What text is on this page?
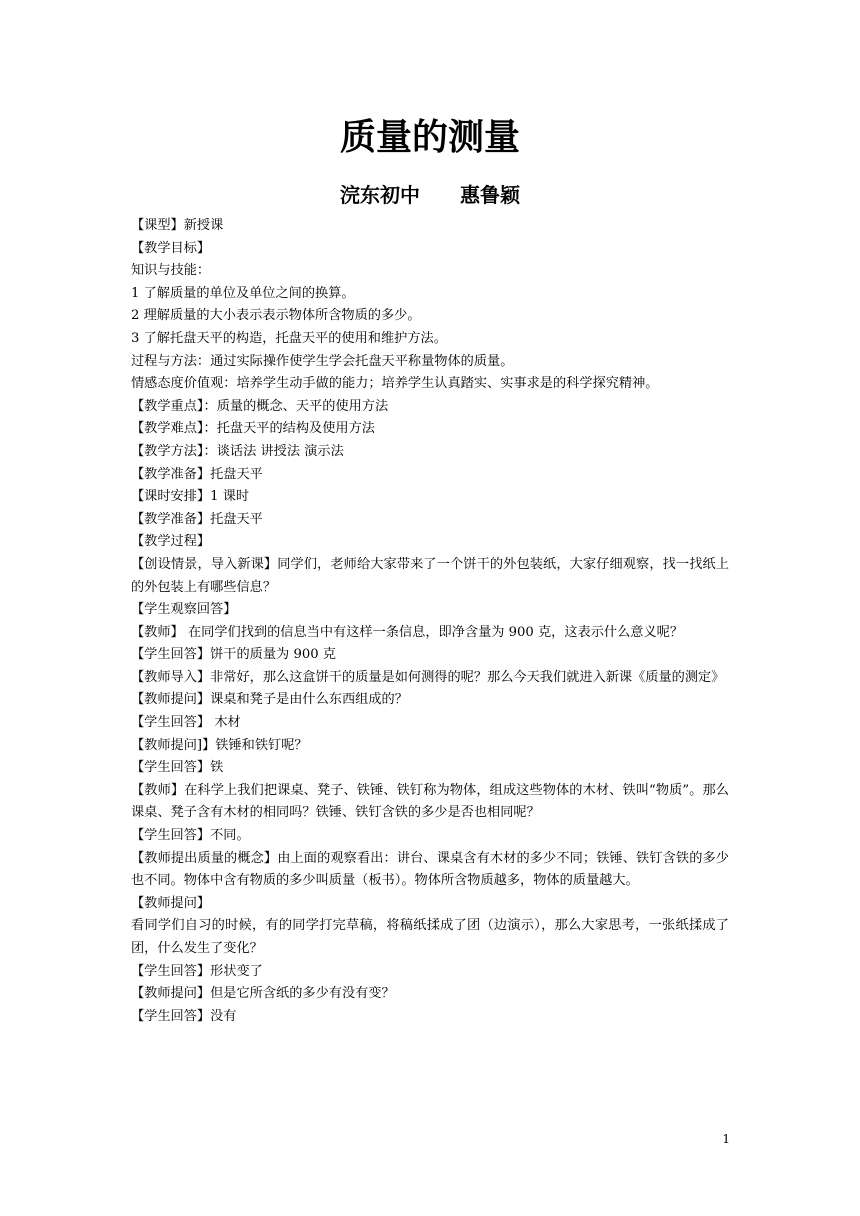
质量的测量
浣东初中 惠鲁颖
【课型】新授课
【教学目标】
知识与技能：
1 了解质量的单位及单位之间的换算。
2 理解质量的大小表示表示物体所含物质的多少。
3 了解托盘天平的构造，托盘天平的使用和维护方法。
过程与方法：通过实际操作使学生学会托盘天平称量物体的质量。
情感态度价值观：培养学生动手做的能力；培养学生认真踏实、实事求是的科学探究精神。
【教学重点】：质量的概念、天平的使用方法
【教学难点】：托盘天平的结构及使用方法
【教学方法】：谈话法 讲授法 演示法
【教学准备】托盘天平
【课时安排】1 课时
【教学准备】托盘天平
【教学过程】
【创设情景，导入新课】同学们，老师给大家带来了一个饼干的外包装纸，大家仔细观察，找一找纸上的外包装上有哪些信息？
【学生观察回答】
【教师】 在同学们找到的信息当中有这样一条信息，即净含量为 900 克，这表示什么意义呢？
【学生回答】饼干的质量为 900 克
【教师导入】非常好，那么这盒饼干的质量是如何测得的呢？那么今天我们就进入新课《质量的测定》
【教师提问】课桌和凳子是由什么东西组成的？
【学生回答】 木材
【教师提问]】铁锤和铁钉呢？
【学生回答】铁
【教师】在科学上我们把课桌、凳子、铁锤、铁钉称为物体，组成这些物体的木材、铁叫“物质”。那么课桌、凳子含有木材的相同吗？铁锤、铁钉含铁的多少是否也相同呢？
【学生回答】不同。
【教师提出质量的概念】由上面的观察看出：讲台、课桌含有木材的多少不同；铁锤、铁钉含铁的多少也不同。物体中含有物质的多少叫质量（板书）。物体所含物质越多，物体的质量越大。
【教师提问】
看同学们自习的时候，有的同学打完草稿，将稿纸揉成了团（边演示），那么大家思考，一张纸揉成了团，什么发生了变化？
【学生回答】形状变了
【教师提问】但是它所含纸的多少有没有变？
【学生回答】没有
1
